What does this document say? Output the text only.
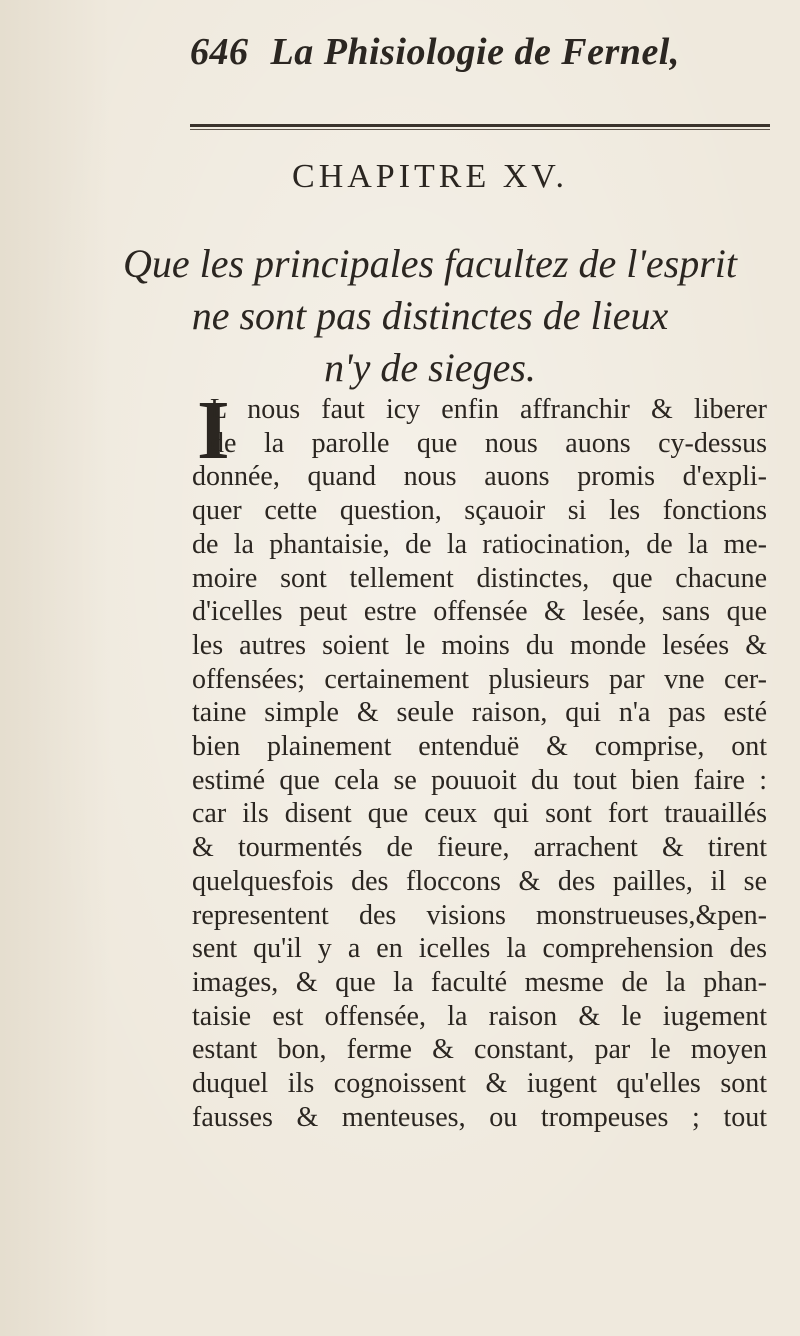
646 La Phisiologie de Fernel,
CHAPITRE XV.
Que les principales facultez de l'esprit
ne sont pas distinctes de lieux
n'y de sieges.
I
L nous faut icy enfin affranchir & liberer
de la parolle que nous auons cy-dessus
donnée, quand nous auons promis d'expli-
quer cette question, sçauoir si les fonctions
de la phantaisie, de la ratiocination, de la me-
moire sont tellement distinctes, que chacune
d'icelles peut estre offensée & lesée, sans que
les autres soient le moins du monde lesées &
offensées; certainement plusieurs par vne cer-
taine simple & seule raison, qui n'a pas esté
bien plainement entenduë & comprise, ont
estimé que cela se pouuoit du tout bien faire :
car ils disent que ceux qui sont fort trauaillés
& tourmentés de fieure, arrachent & tirent
quelquesfois des floccons & des pailles, il se
representent des visions monstrueuses,&pen-
sent qu'il y a en icelles la comprehension des
images, & que la faculté mesme de la phan-
taisie est offensée, la raison & le iugement
estant bon, ferme & constant, par le moyen
duquel ils cognoissent & iugent qu'elles sont
fausses & menteuses, ou trompeuses ; tout
